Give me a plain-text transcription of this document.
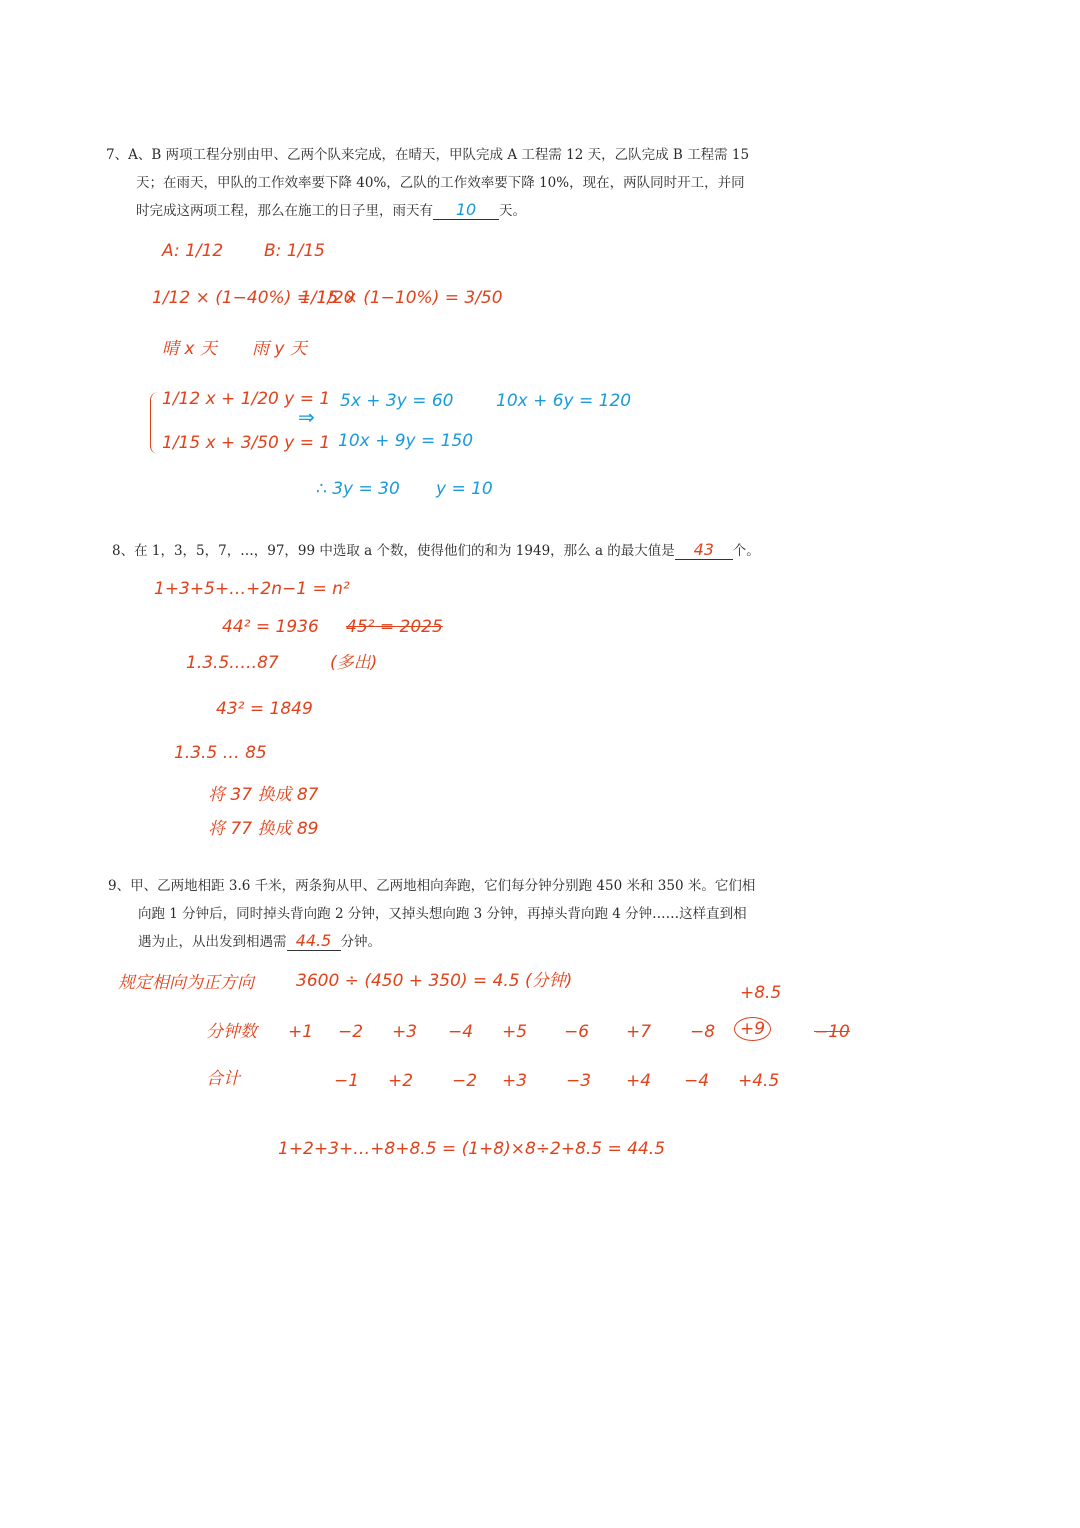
7、A、B 两项工程分别由甲、乙两个队来完成，在晴天，甲队完成 A 工程需 12 天，乙队完成 B 工程需 15
天；在雨天，甲队的工作效率要下降 40%，乙队的工作效率要下降 10%，现在，两队同时开工，并同
时完成这两项工程，那么在施工的日子里，雨天有 10 天。
A: 1/12 B: 1/15
1/12 × (1−40%) = 1/20
1/15 × (1−10%) = 3/50
晴 x 天 雨 y 天
1/12 x + 1/20 y = 1
1/15 x + 3/50 y = 1
⇒
5x + 3y = 60
10x + 9y = 150
10x + 6y = 120
∴ 3y = 30 y = 10
8、在 1，3，5，7，…，97，99 中选取 a 个数，使得他们的和为 1949，那么 a 的最大值是 43 个。
1+3+5+…+2n−1 = n²
44² = 1936 45² = 2025
1.3.5.….87	(多出)
43² = 1849
1.3.5 … 85
将 37 换成 87
将 77 换成 89
9、甲、乙两地相距 3.6 千米，两条狗从甲、乙两地相向奔跑，它们每分钟分别跑 450 米和 350 米。它们相
向跑 1 分钟后，同时掉头背向跑 2 分钟，又掉头想向跑 3 分钟，再掉头背向跑 4 分钟……这样直到相
遇为止，从出发到相遇需 44.5 分钟。
规定相向为正方向 3600 ÷ (450 + 350) = 4.5 (分钟)
+8.5
分钟数 +1 −2 +3 −4 +5 −6 +7 −8	+9	−10
合计	−1 +2 −2 +3 −3 +4 −4 +4.5
1+2+3+…+8+8.5 = (1+8)×8÷2+8.5 = 44.5
